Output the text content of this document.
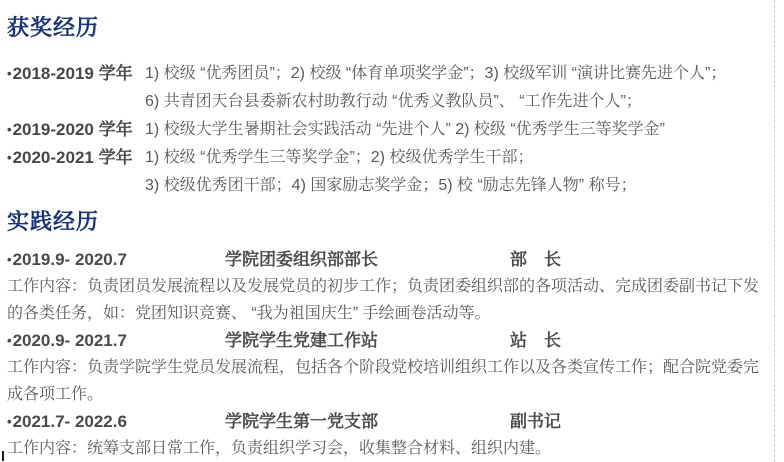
获奖经历
•2018-2019 学年 1) 校级 “优秀团员”；2) 校级 “体育单项奖学金”；3) 校级军训 “演讲比赛先进个人”；
6) 共青团天台县委新农村助教行动 “优秀义教队员”、 “工作先进个人”；
•2019-2020 学年 1) 校级大学生暑期社会实践活动 “先进个人” 2) 校级 “优秀学生三等奖学金”
•2020-2021 学年 1) 校级 “优秀学生三等奖学金”；2) 校级优秀学生干部；
3) 校级优秀团干部；4) 国家励志奖学金；5) 校 “励志先锋人物” 称号；
实践经历
•2019.9- 2020.7	学院团委组织部部长	部　长

工作内容：负责团员发展流程以及发展党员的初步工作；负责团委组织部的各项活动、完成团委副书记下发的各类任务，如：党团知识竞赛、 “我为祖国庆生” 手绘画卷活动等。

•2020.9- 2021.7	学院学生党建工作站	站　长

工作内容：负责学院学生党员发展流程，包括各个阶段党校培训组织工作以及各类宣传工作；配合院党委完成各项工作。

•2021.7- 2022.6	学院学生第一党支部	副书记

工作内容：统筹支部日常工作，负责组织学习会，收集整合材料、组织内建。
